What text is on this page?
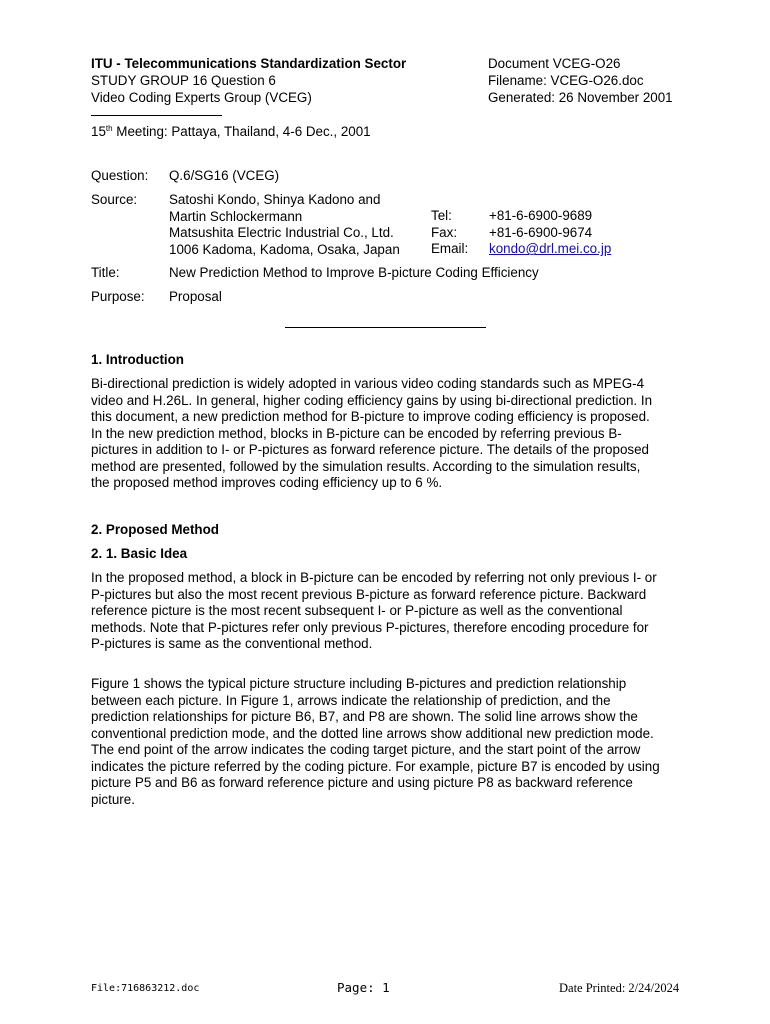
ITU - Telecommunications Standardization Sector
STUDY GROUP 16 Question 6
Video Coding Experts Group (VCEG)
Document VCEG-O26
Filename: VCEG-O26.doc
Generated: 26 November 2001
15th Meeting: Pattaya, Thailand, 4-6 Dec., 2001
Question: Q.6/SG16 (VCEG)
Source: Satoshi Kondo, Shinya Kadono and
Martin Schlockermann
Matsushita Electric Industrial Co., Ltd.
1006 Kadoma, Kadoma, Osaka, Japan
Tel:	+81-6-6900-9689
Fax: +81-6-6900-9674
Email: kondo@drl.mei.co.jp
Title:	New Prediction Method to Improve B-picture Coding Efficiency
Purpose: Proposal
1. Introduction
Bi-directional prediction is widely adopted in various video coding standards such as MPEG-4
video and H.26L. In general, higher coding efficiency gains by using bi-directional prediction. In
this document, a new prediction method for B-picture to improve coding efficiency is proposed.
In the new prediction method, blocks in B-picture can be encoded by referring previous B-
pictures in addition to I- or P-pictures as forward reference picture. The details of the proposed
method are presented, followed by the simulation results. According to the simulation results,
the proposed method improves coding efficiency up to 6 %.
2. Proposed Method
2. 1. Basic Idea
In the proposed method, a block in B-picture can be encoded by referring not only previous I- or
P-pictures but also the most recent previous B-picture as forward reference picture. Backward
reference picture is the most recent subsequent I- or P-picture as well as the conventional
methods. Note that P-pictures refer only previous P-pictures, therefore encoding procedure for
P-pictures is same as the conventional method.
Figure 1 shows the typical picture structure including B-pictures and prediction relationship
between each picture. In Figure 1, arrows indicate the relationship of prediction, and the
prediction relationships for picture B6, B7, and P8 are shown. The solid line arrows show the
conventional prediction mode, and the dotted line arrows show additional new prediction mode.
The end point of the arrow indicates the coding target picture, and the start point of the arrow
indicates the picture referred by the coding picture. For example, picture B7 is encoded by using
picture P5 and B6 as forward reference picture and using picture P8 as backward reference
picture.
File:716863212.doc	Page: 1	Date Printed: 2/24/2024
